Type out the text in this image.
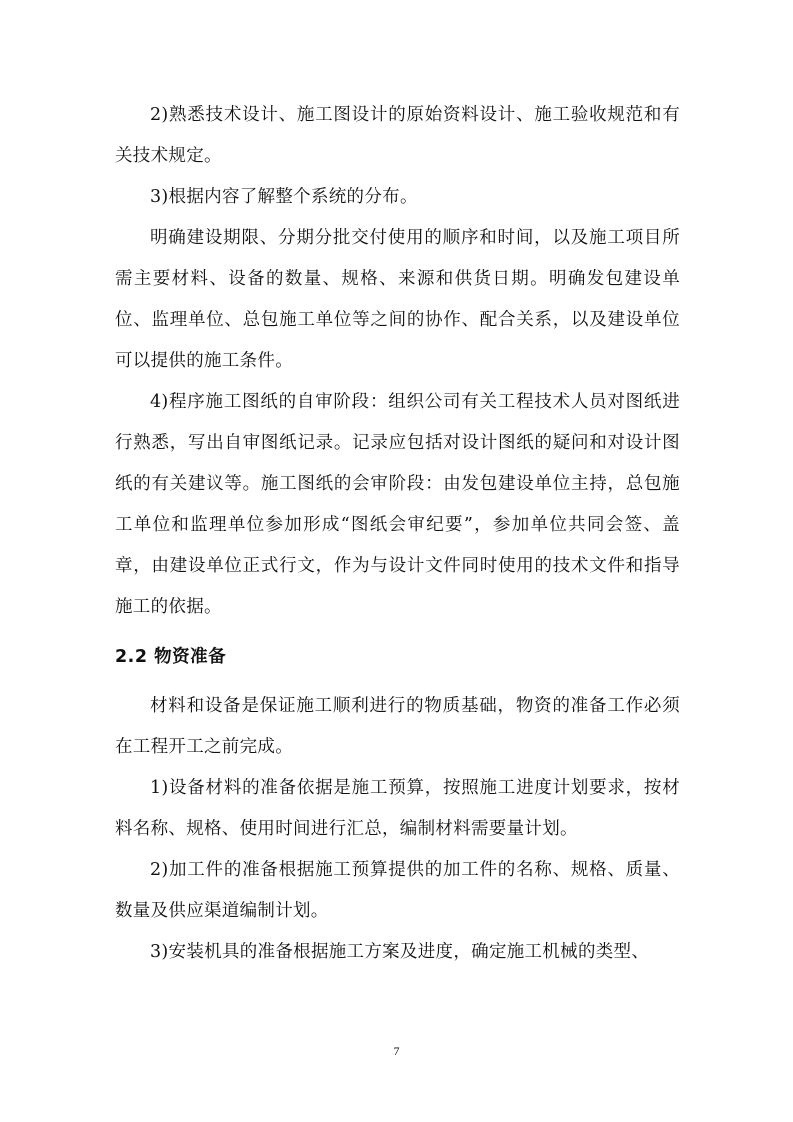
2)熟悉技术设计、施工图设计的原始资料设计、施工验收规范和有关技术规定。

3)根据内容了解整个系统的分布。

明确建设期限、分期分批交付使用的顺序和时间，以及施工项目所需主要材料、设备的数量、规格、来源和供货日期。明确发包建设单位、监理单位、总包施工单位等之间的协作、配合关系，以及建设单位可以提供的施工条件。

4)程序施工图纸的自审阶段：组织公司有关工程技术人员对图纸进行熟悉，写出自审图纸记录。记录应包括对设计图纸的疑问和对设计图纸的有关建议等。施工图纸的会审阶段：由发包建设单位主持，总包施工单位和监理单位参加形成“图纸会审纪要”，参加单位共同会签、盖章，由建设单位正式行文，作为与设计文件同时使用的技术文件和指导施工的依据。

2.2 物资准备

材料和设备是保证施工顺利进行的物质基础，物资的准备工作必须在工程开工之前完成。

1)设备材料的准备依据是施工预算，按照施工进度计划要求，按材料名称、规格、使用时间进行汇总，编制材料需要量计划。

2)加工件的准备根据施工预算提供的加工件的名称、规格、质量、数量及供应渠道编制计划。

3)安装机具的准备根据施工方案及进度，确定施工机械的类型、

7
